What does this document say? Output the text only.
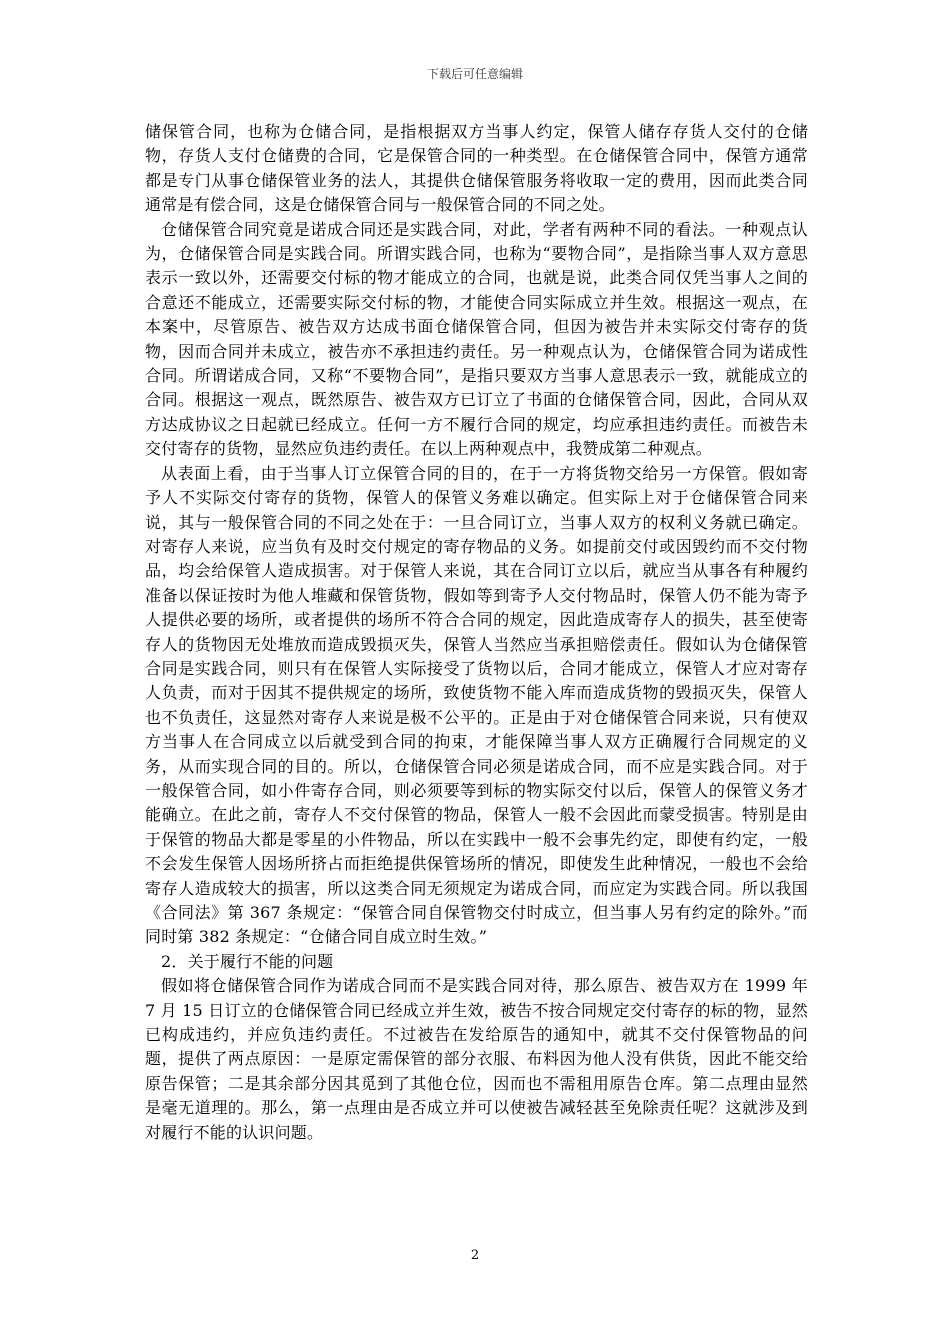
下载后可任意编辑

储保管合同，也称为仓储合同，是指根据双方当事人约定，保管人储存存货人交付的仓储物，存货人支付仓储费的合同，它是保管合同的一种类型。在仓储保管合同中，保管方通常都是专门从事仓储保管业务的法人，其提供仓储保管服务将收取一定的费用，因而此类合同通常是有偿合同，这是仓储保管合同与一般保管合同的不同之处。

仓储保管合同究竟是诺成合同还是实践合同，对此，学者有两种不同的看法。一种观点认为，仓储保管合同是实践合同。所谓实践合同，也称为“要物合同”，是指除当事人双方意思表示一致以外，还需要交付标的物才能成立的合同，也就是说，此类合同仅凭当事人之间的合意还不能成立，还需要实际交付标的物，才能使合同实际成立并生效。根据这一观点，在本案中，尽管原告、被告双方达成书面仓储保管合同，但因为被告并未实际交付寄存的货物，因而合同并未成立，被告亦不承担违约责任。另一种观点认为，仓储保管合同为诺成性合同。所谓诺成合同，又称“不要物合同”，是指只要双方当事人意思表示一致，就能成立的合同。根据这一观点，既然原告、被告双方已订立了书面的仓储保管合同，因此，合同从双方达成协议之日起就已经成立。任何一方不履行合同的规定，均应承担违约责任。而被告未交付寄存的货物，显然应负违约责任。在以上两种观点中，我赞成第二种观点。

从表面上看，由于当事人订立保管合同的目的，在于一方将货物交给另一方保管。假如寄予人不实际交付寄存的货物，保管人的保管义务难以确定。但实际上对于仓储保管合同来说，其与一般保管合同的不同之处在于：一旦合同订立，当事人双方的权利义务就已确定。对寄存人来说，应当负有及时交付规定的寄存物品的义务。如提前交付或因毁约而不交付物品，均会给保管人造成损害。对于保管人来说，其在合同订立以后，就应当从事各有种履约准备以保证按时为他人堆藏和保管货物，假如等到寄予人交付物品时，保管人仍不能为寄予人提供必要的场所，或者提供的场所不符合合同的规定，因此造成寄存人的损失，甚至使寄存人的货物因无处堆放而造成毁损灭失，保管人当然应当承担赔偿责任。假如认为仓储保管合同是实践合同，则只有在保管人实际接受了货物以后，合同才能成立，保管人才应对寄存人负责，而对于因其不提供规定的场所，致使货物不能入库而造成货物的毁损灭失，保管人也不负责任，这显然对寄存人来说是极不公平的。正是由于对仓储保管合同来说，只有使双方当事人在合同成立以后就受到合同的拘束，才能保障当事人双方正确履行合同规定的义务，从而实现合同的目的。所以，仓储保管合同必须是诺成合同，而不应是实践合同。对于一般保管合同，如小件寄存合同，则必须要等到标的物实际交付以后，保管人的保管义务才能确立。在此之前，寄存人不交付保管的物品，保管人一般不会因此而蒙受损害。特别是由于保管的物品大都是零星的小件物品，所以在实践中一般不会事先约定，即使有约定，一般不会发生保管人因场所挤占而拒绝提供保管场所的情况，即使发生此种情况，一般也不会给寄存人造成较大的损害，所以这类合同无须规定为诺成合同，而应定为实践合同。所以我国《合同法》第 367 条规定：“保管合同自保管物交付时成立，但当事人另有约定的除外。”而同时第 382 条规定：“仓储合同自成立时生效。”

2．关于履行不能的问题

假如将仓储保管合同作为诺成合同而不是实践合同对待，那么原告、被告双方在 1999 年 7 月 15 日订立的仓储保管合同已经成立并生效，被告不按合同规定交付寄存的标的物，显然已构成违约，并应负违约责任。不过被告在发给原告的通知中，就其不交付保管物品的问题，提供了两点原因：一是原定需保管的部分衣服、布料因为他人没有供货，因此不能交给原告保管；二是其余部分因其觅到了其他仓位，因而也不需租用原告仓库。第二点理由显然是毫无道理的。那么，第一点理由是否成立并可以使被告减轻甚至免除责任呢？这就涉及到对履行不能的认识问题。

2
